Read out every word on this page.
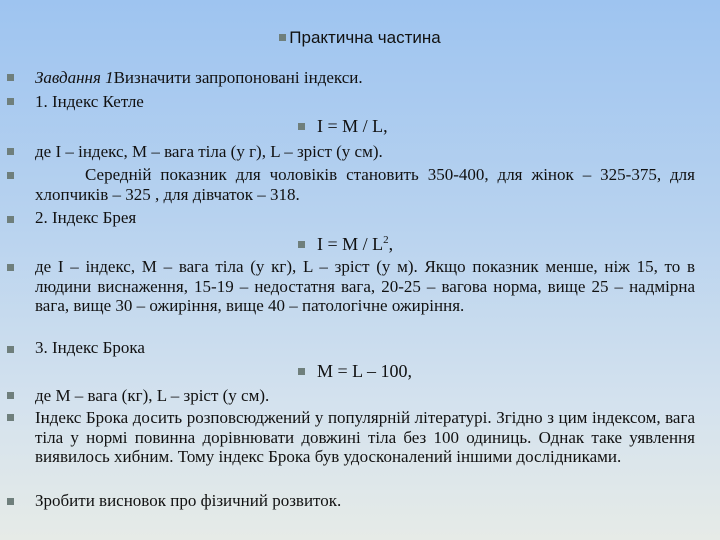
Практична частина
Завдання 1Визначити запропоновані індекси.
1. Індекс Кетле
I = M / L,
де I – індекс, М – вага тіла (у г), L – зріст (у см).
Середній показник для чоловіків становить 350-400, для жінок – 325-375, для хлопчиків – 325 , для дівчаток – 318.
2. Індекс Брея
$I = M / L^2$,
де I – індекс, М – вага тіла (у кг), L – зріст (у м). Якщо показник менше, ніж 15, то в людини виснаження, 15-19 – недостатня вага, 20-25 – вагова норма, вище 25 – надмірна вага, вище 30 – ожиріння, вище 40 – патологічне ожиріння.
3. Індекс Брока
M = L – 100,
де M – вага (кг), L – зріст (у см).
Індекс Брока досить розповсюджений у популярній літературі. Згідно з цим індексом, вага тіла у нормі повинна дорівнювати довжині тіла без 100 одиниць. Однак таке уявлення виявилось хибним. Тому індекс Брока був удосконалений іншими дослідниками.
Зробити висновок про фізичний розвиток.
